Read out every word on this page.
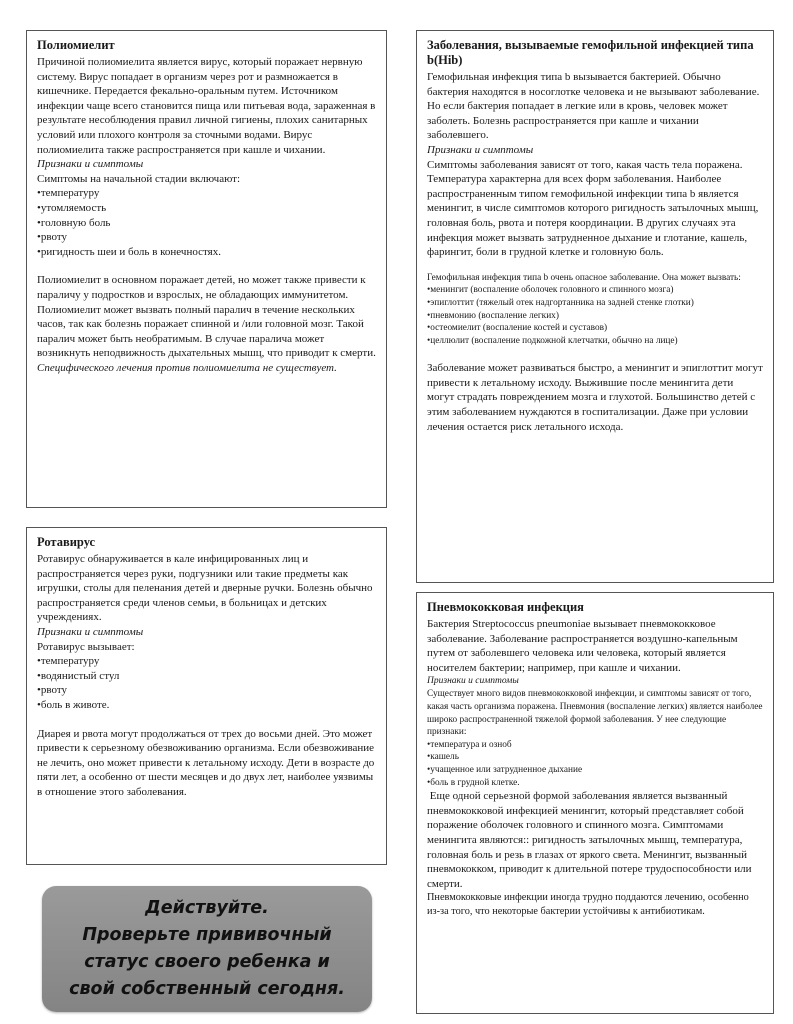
Полиомиелит

Причиной полиомиелита является вирус, который поражает нервную систему. Вирус попадает в организм через рот и размножается в кишечнике. Передается фекально-оральным путем. Источником инфекции чаще всего становится пища или питьевая вода, зараженная в результате несоблюдения правил личной гигиены, плохих санитарных условий или плохого контроля за сточными водами. Вирус полиомиелита также распространяется при кашле и чихании.

Признаки и симптомы

Симптомы на начальной стадии включают:

• температуру
• утомляемость
• головную боль
• рвоту
• ригидность шеи и боль в конечностях.

Полиомиелит в основном поражает детей, но может также привести к параличу у подростков и взрослых, не обладающих иммунитетом.

Полиомиелит может вызвать полный паралич в течение нескольких часов, так как болезнь поражает спинной и /или головной мозг. Такой паралич может быть необратимым. В случае паралича может возникнуть неподвижность дыхательных мышц, что приводит к смерти. Специфического лечения против полиомиелита не существует.

Ротавирус

Ротавирус обнаруживается в кале инфицированных лиц и распространяется через руки, подгузники или такие предметы как игрушки, столы для пеленания детей и дверные ручки. Болезнь обычно распространяется среди членов семьи, в больницах и детских учреждениях.

Признаки и симптомы

Ротавирус вызывает:

• температуру
• водянистый стул
• рвоту
• боль в животе.

Диарея и рвота могут продолжаться от трех до восьми дней. Это может привести к серьезному обезвоживанию организма. Если обезвоживание не лечить, оно может привести к летальному исходу. Дети в возрасте до пяти лет, а особенно от шести месяцев и до двух лет, наиболее уязвимы в отношение этого заболевания.

Заболевания, вызываемые гемофильной инфекцией типа b(Hib)

Гемофильная инфекция типа b вызывается бактерией. Обычно бактерия находятся в носоглотке человека и не вызывают заболевание. Но если бактерия попадает в легкие или в кровь, человек может заболеть. Болезнь распространяется при кашле и чихании заболевшего.

Признаки и симптомы

Симптомы заболевания зависят от того, какая часть тела поражена. Температура характерна для всех форм заболевания. Наиболее распространенным типом гемофильной инфекции типа b является менингит, в числе симптомов которого ригидность затылочных мышц, головная боль, рвота и потеря координации. В других случаях эта инфекция может вызвать затрудненное дыхание и глотание, кашель, фарингит, боли в грудной клетке и головную боль.

Гемофильная инфекция типа b очень опасное заболевание. Она может вызвать:

• менингит (воспаление оболочек головного и спинного мозга)
• эпиглоттит (тяжелый отек надгортанника на задней стенке глотки)
• пневмонию (воспаление легких)
• остеомиелит (воспаление костей и суставов)
• целлюлит (воспаление подкожной клетчатки, обычно на лице)

Заболевание может развиваться быстро, а менингит и эпиглоттит могут привести к летальному исходу. Выжившие после менингита дети могут страдать повреждением мозга и глухотой. Большинство детей с этим заболеванием нуждаются в госпитализации. Даже при условии лечения остается риск летального исхода.

Пневмококковая инфекция

Бактерия Streptococcus pneumoniae вызывает пневмококковое заболевание. Заболевание распространяется воздушно-капельным путем от заболевшего человека или человека, который является носителем бактерии; например, при кашле и чихании.

Признаки и симптомы

Существует много видов пневмококковой инфекции, и симптомы зависят от того, какая часть организма поражена. Пневмония (воспаление легких) является наиболее широко распространенной тяжелой формой заболевания. У нее следующие признаки:

• температура и озноб
• кашель
• учащенное или затрудненное дыхание
• боль в грудной клетке.

Еще одной серьезной формой заболевания является вызванный пневмококковой инфекцией менингит, который представляет собой поражение оболочек головного и спинного мозга. Симптомами менингита являются:: ригидность затылочных мышц, температура, головная боль и резь в глазах от яркого света. Менингит, вызванный пневмококком, приводит к длительной потере трудоспособности или смерти.

Пневмококковые инфекции иногда трудно поддаются лечению, особенно из-за того, что некоторые бактерии устойчивы к антибиотикам.

Действуйте.
Проверьте прививочный
статус своего ребенка и
свой собственный сегодня.
